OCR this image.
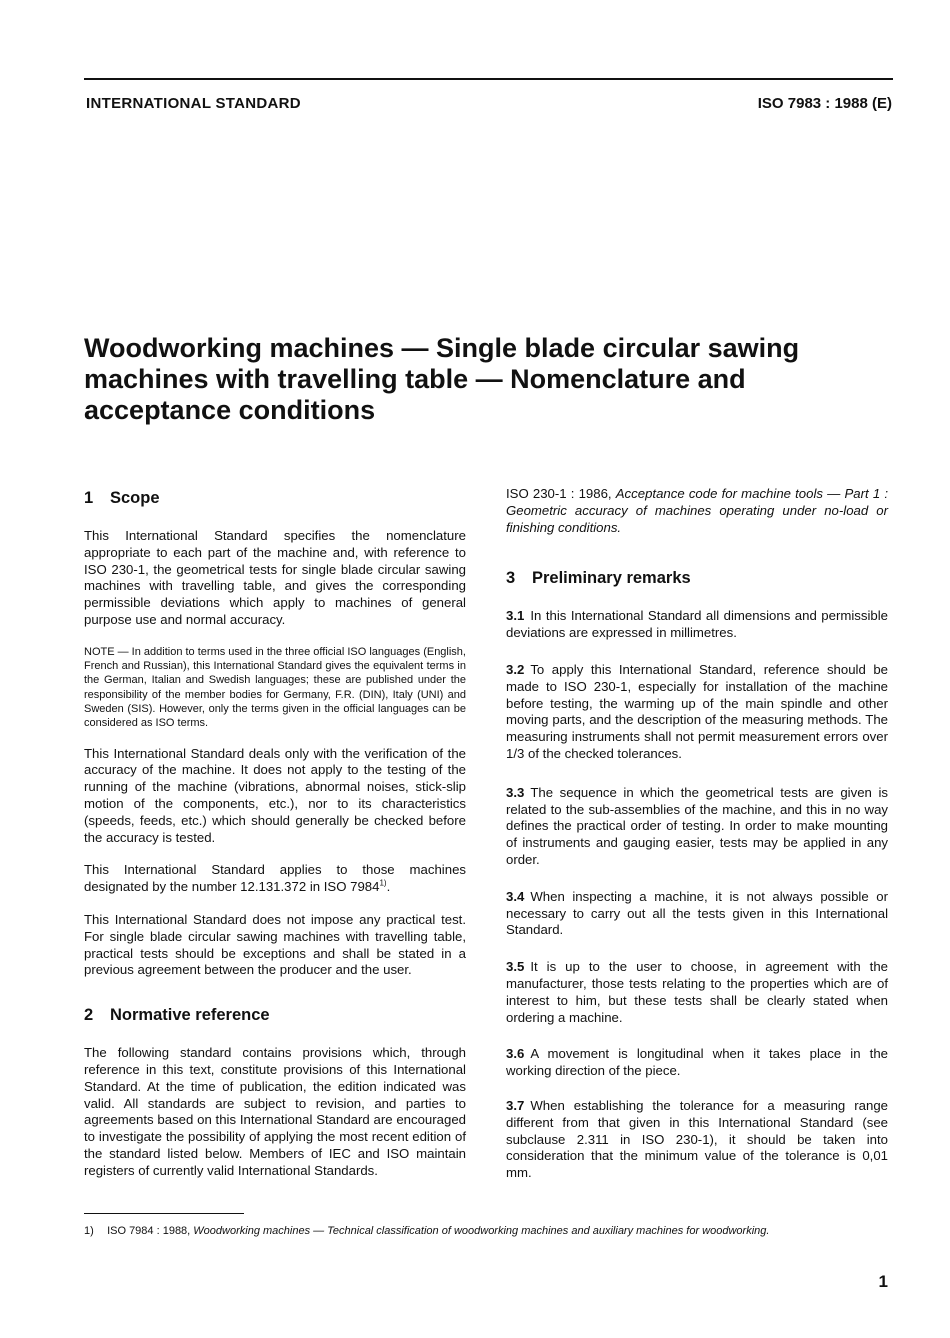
INTERNATIONAL STANDARD	ISO 7983 : 1988 (E)
Woodworking machines — Single blade circular sawing machines with travelling table — Nomenclature and acceptance conditions
1 Scope

This International Standard specifies the nomenclature appropriate to each part of the machine and, with reference to ISO 230-1, the geometrical tests for single blade circular sawing machines with travelling table, and gives the corresponding permissible deviations which apply to machines of general purpose use and normal accuracy.

NOTE — In addition to terms used in the three official ISO languages (English, French and Russian), this International Standard gives the equivalent terms in the German, Italian and Swedish languages; these are published under the responsibility of the member bodies for Germany, F.R. (DIN), Italy (UNI) and Sweden (SIS). However, only the terms given in the official languages can be considered as ISO terms.

This International Standard deals only with the verification of the accuracy of the machine. It does not apply to the testing of the running of the machine (vibrations, abnormal noises, stick-slip motion of the components, etc.), nor to its characteristics (speeds, feeds, etc.) which should generally be checked before the accuracy is tested.

This International Standard applies to those machines designated by the number 12.131.372 in ISO 7984$^{1)}$.

This International Standard does not impose any practical test. For single blade circular sawing machines with travelling table, practical tests should be exceptions and shall be stated in a previous agreement between the producer and the user.

2 Normative reference

The following standard contains provisions which, through reference in this text, constitute provisions of this International Standard. At the time of publication, the edition indicated was valid. All standards are subject to revision, and parties to agreements based on this International Standard are encouraged to investigate the possibility of applying the most recent edition of the standard listed below. Members of IEC and ISO maintain registers of currently valid International Standards.

ISO 230-1 : 1986, Acceptance code for machine tools — Part 1 : Geometric accuracy of machines operating under no-load or finishing conditions.

3 Preliminary remarks

3.1 In this International Standard all dimensions and permissible deviations are expressed in millimetres.

3.2 To apply this International Standard, reference should be made to ISO 230-1, especially for installation of the machine before testing, the warming up of the main spindle and other moving parts, and the description of the measuring methods. The measuring instruments shall not permit measurement errors over 1/3 of the checked tolerances.

3.3 The sequence in which the geometrical tests are given is related to the sub-assemblies of the machine, and this in no way defines the practical order of testing. In order to make mounting of instruments and gauging easier, tests may be applied in any order.

3.4 When inspecting a machine, it is not always possible or necessary to carry out all the tests given in this International Standard.

3.5 It is up to the user to choose, in agreement with the manufacturer, those tests relating to the properties which are of interest to him, but these tests shall be clearly stated when ordering a machine.

3.6 A movement is longitudinal when it takes place in the working direction of the piece.

3.7 When establishing the tolerance for a measuring range different from that given in this International Standard (see subclause 2.311 in ISO 230-1), it should be taken into consideration that the minimum value of the tolerance is 0,01 mm.

1) ISO 7984 : 1988, Woodworking machines — Technical classification of woodworking machines and auxiliary machines for woodworking.
1
